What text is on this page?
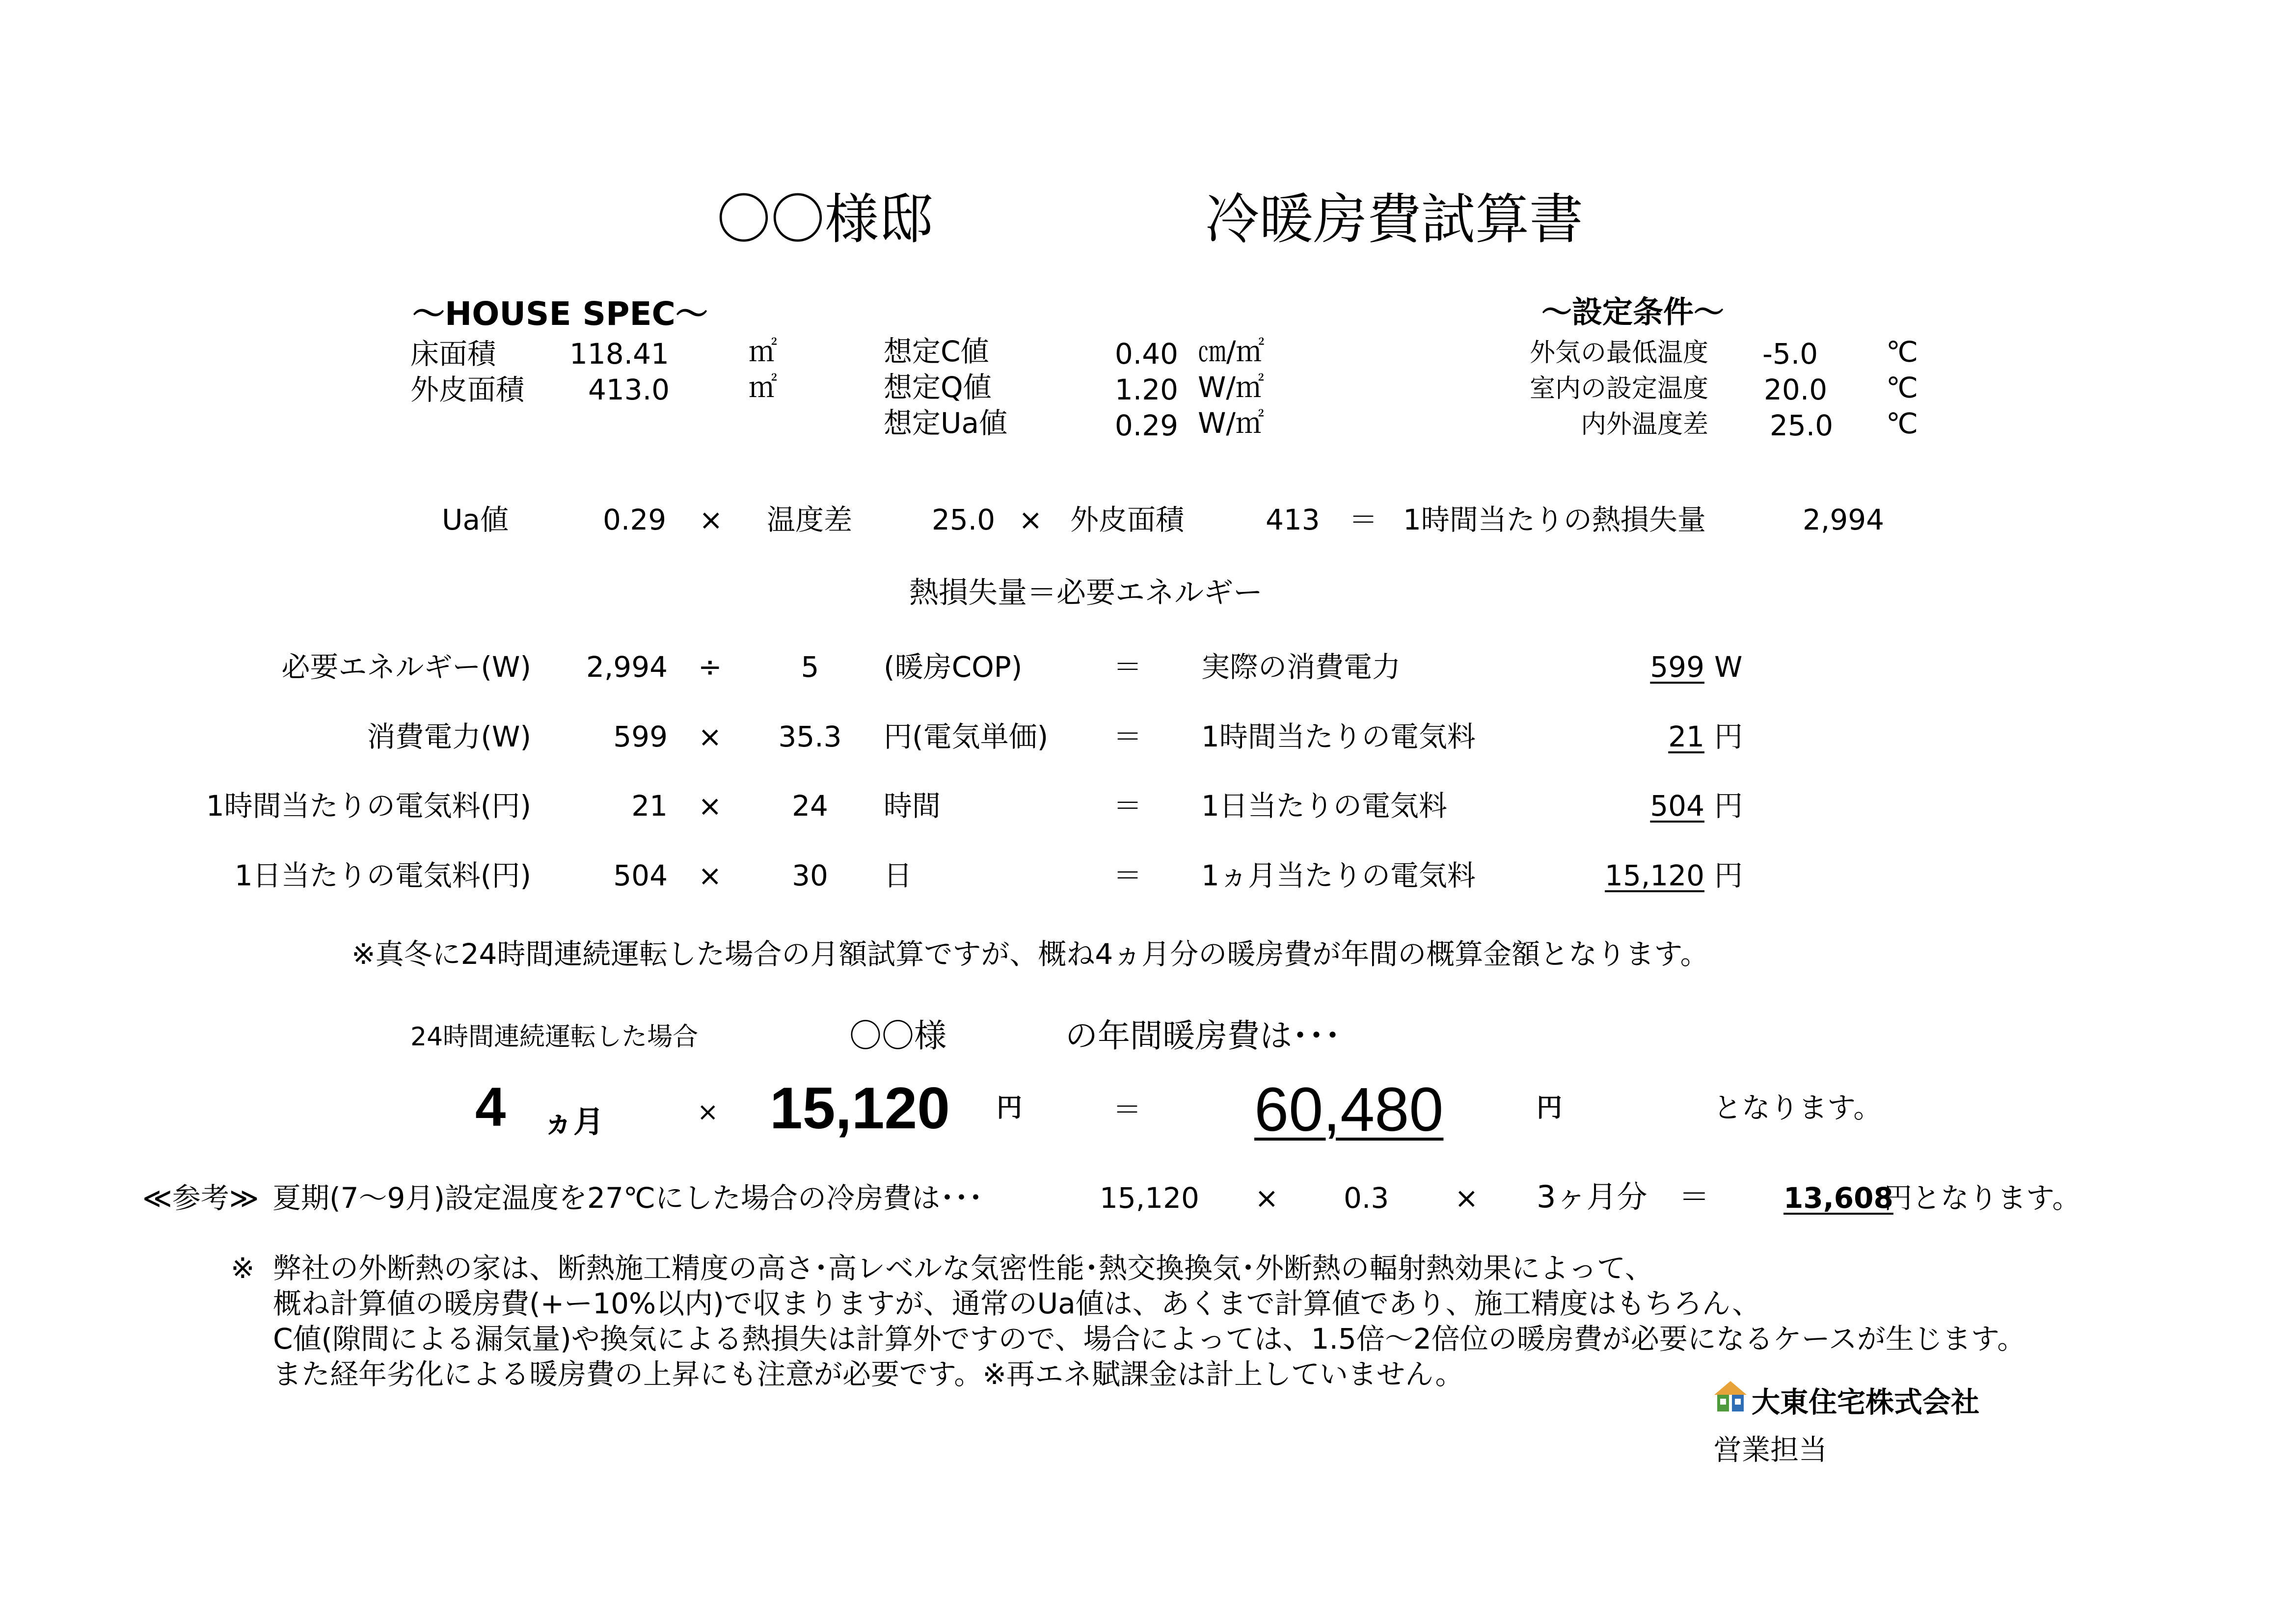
〇〇様邸	冷暖房費試算書
〜HOUSE SPEC〜
床面積	118.41	㎡
外皮面積 413.0	㎡
想定C値	0.40 ㎝/㎡
想定Q値	1.20 W/㎡
想定Ua値	0.29 W/㎡
〜設定条件〜
外気の最低温度 -5.0 ℃
室内の設定温度 20.0 ℃
内外温度差 25.0 ℃
Ua値	0.29 × 温度差	25.0 × 外皮面積	413 ＝ 1時間当たりの熱損失量	2,994
熱損失量＝必要エネルギー
必要エネルギー(W)	2,994 ÷	5	(暖房COP)	＝ 実際の消費電力	599 W
消費電力(W)	599 ×	35.3	円(電気単価) ＝ 1時間当たりの電気料	21 円
1時間当たりの電気料(円)	21 ×	24	時間	＝ 1日当たりの電気料	504 円
1日当たりの電気料(円)	504 ×	30	日	＝ 1ヵ月当たりの電気料	15,120 円
※真冬に24時間連続運転した場合の月額試算ですが、概ね4ヵ月分の暖房費が年間の概算金額となります。
24時間連続運転した場合	〇〇様	の年間暖房費は･･･
4 ヵ月	× 15,120 円	＝ 60,480	円	となります。
≪参考≫ 夏期(7〜9月)設定温度を27℃にした場合の冷房費は･･･	15,120 × 0.3 × 3ヶ月分 ＝	13,608
円となります。
※ 弊社の外断熱の家は、断熱施工精度の高さ･高レベルな気密性能･熱交換換気･外断熱の輻射熱効果によって、
概ね計算値の暖房費(+ー10%以内)で収まりますが、通常のUa値は、あくまで計算値であり、施工精度はもちろん、
C値(隙間による漏気量)や換気による熱損失は計算外ですので、場合によっては、1.5倍〜2倍位の暖房費が必要になるケースが生じます。
また経年劣化による暖房費の上昇にも注意が必要です。※再エネ賦課金は計上していません。
大東住宅株式会社
営業担当
